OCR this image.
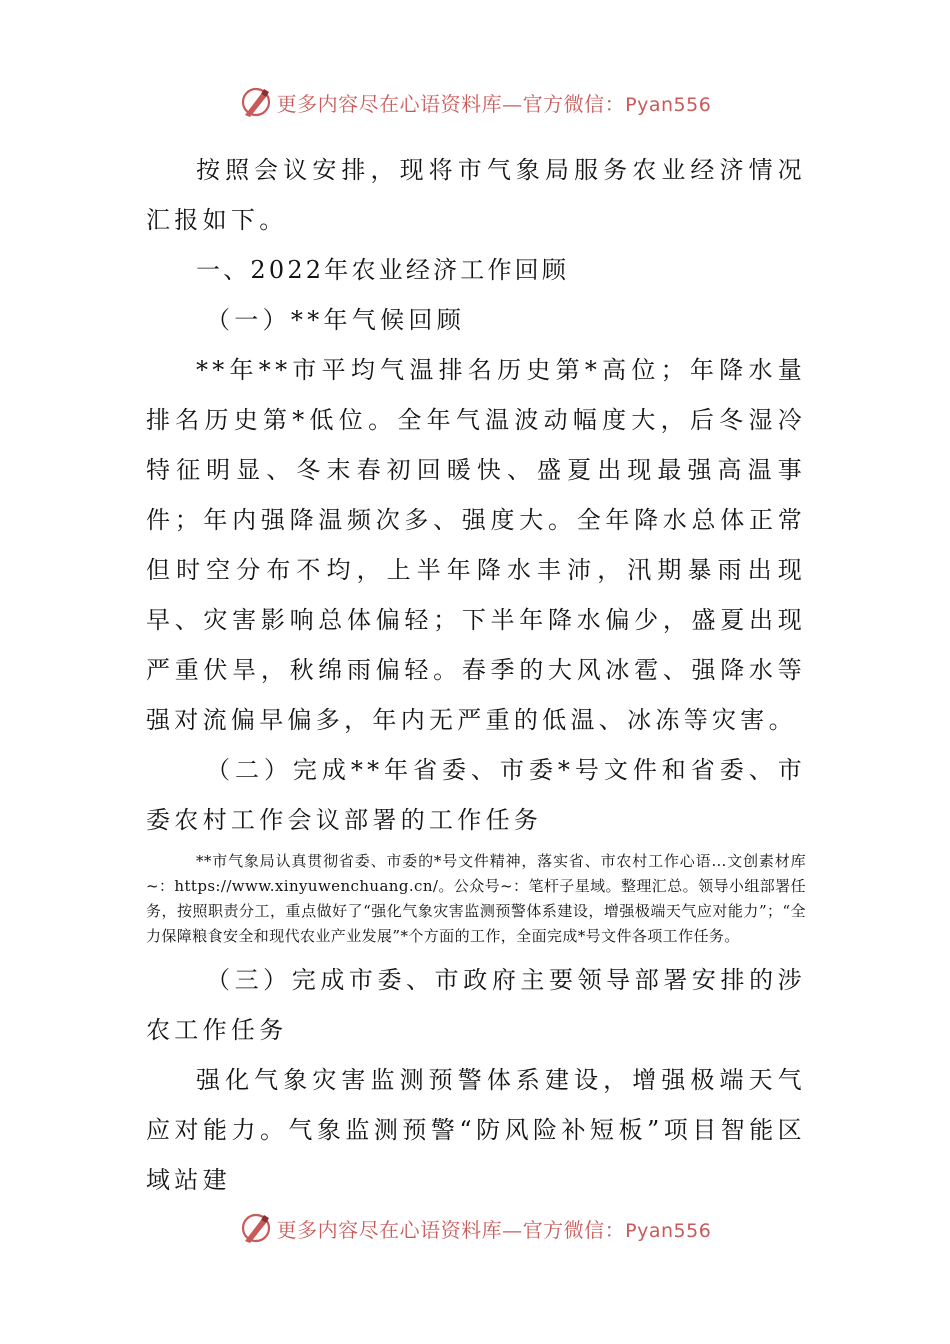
更多内容尽在心语资料库—官方微信：Pyan556

按照会议安排，现将市气象局服务农业经济情况汇报如下。

一、2022年农业经济工作回顾

（一）**年气候回顾

**年**市平均气温排名历史第*高位；年降水量排名历史第*低位。全年气温波动幅度大，后冬湿冷特征明显、冬末春初回暖快、盛夏出现最强高温事件；年内强降温频次多、强度大。全年降水总体正常但时空分布不均，上半年降水丰沛，汛期暴雨出现早、灾害影响总体偏轻；下半年降水偏少，盛夏出现严重伏旱，秋绵雨偏轻。春季的大风冰雹、强降水等强对流偏早偏多，年内无严重的低温、冰冻等灾害。

（二）完成**年省委、市委*号文件和省委、市委农村工作会议部署的工作任务

**市气象局认真贯彻省委、市委的*号文件精神，落实省、市农村工作心语…文创素材库~：https://www.xinyuwenchuang.cn/。公众号~：笔杆子星域。整理汇总。领导小组部署任务，按照职责分工，重点做好了“强化气象灾害监测预警体系建设，增强极端天气应对能力”；“全力保障粮食安全和现代农业产业发展”*个方面的工作，全面完成*号文件各项工作任务。

（三）完成市委、市政府主要领导部署安排的涉农工作任务

强化气象灾害监测预警体系建设，增强极端天气应对能力。气象监测预警“防风险补短板”项目智能区域站建

更多内容尽在心语资料库—官方微信：Pyan556
